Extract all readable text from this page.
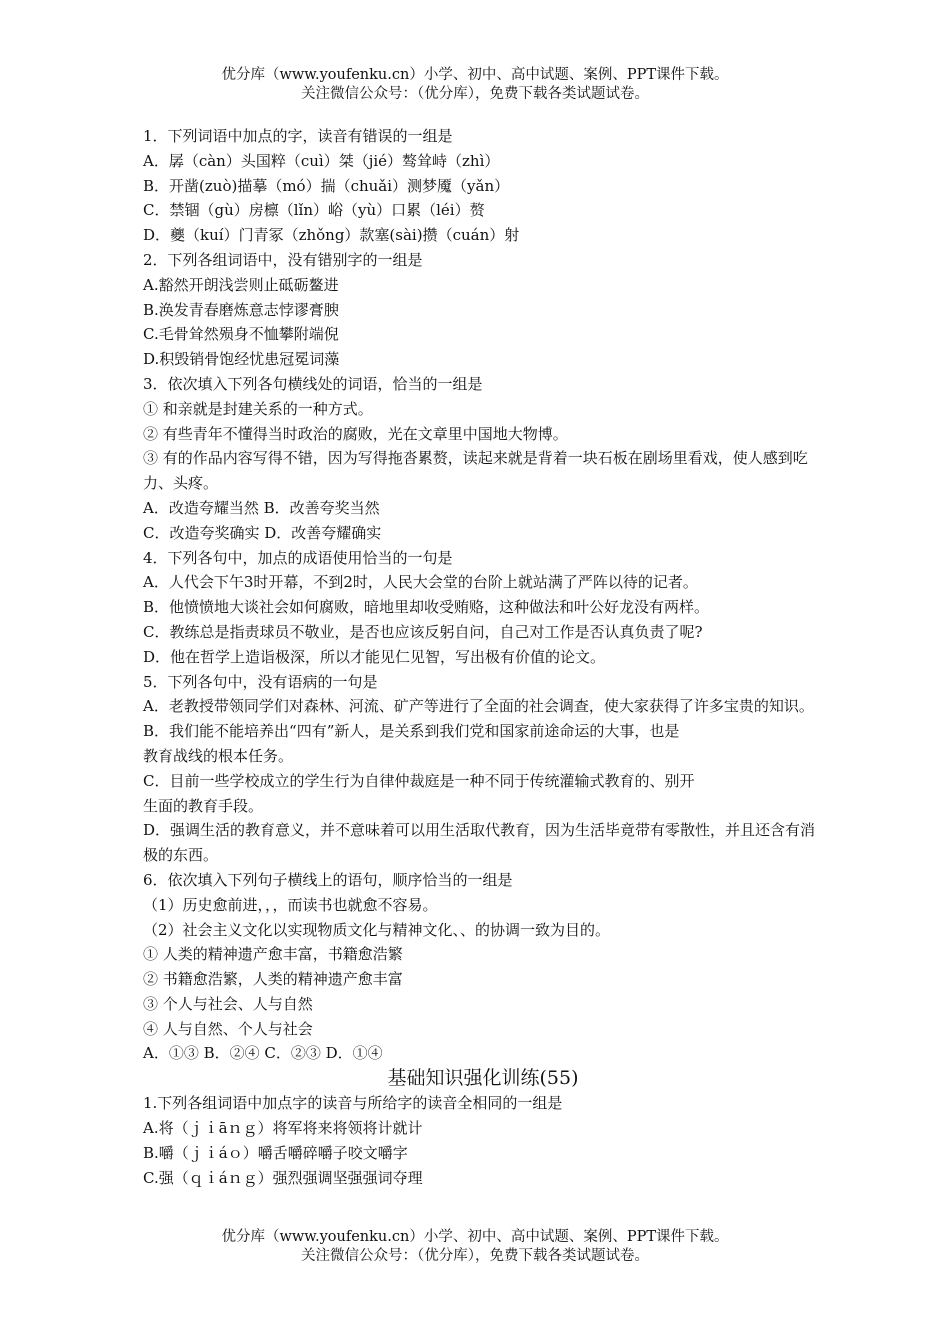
优分库（www.youfenku.cn）小学、初中、高中试题、案例、PPT课件下载。
关注微信公众号：（优分库），免费下载各类试题试卷。

1．下列词语中加点的字，读音有错误的一组是

A．孱（càn）头国粹（cuì）桀（jié）骜耸峙（zhì）

B．开凿(zuò)描摹（mó）揣（chuǎi）测梦魇（yǎn）

C．禁锢（gù）房檩（lǐn）峪（yù）口累（léi）赘

D．夔（kuí）门青冢（zhǒng）款塞(sài)攒（cuán）射

2．下列各组词语中，没有错别字的一组是

A.豁然开朗浅尝则止砥砺鳌进

B.涣发青春磨炼意志悖谬膏腴

C.毛骨耸然殒身不恤攀附端倪

D.积毁销骨饱经忧患冠冕词藻

3．依次填入下列各句横线处的词语，恰当的一组是

① 和亲就是封建关系的一种方式。

② 有些青年不懂得当时政治的腐败，光在文章里中国地大物博。

③ 有的作品内容写得不错，因为写得拖沓累赘，读起来就是背着一块石板在剧场里看戏，使人感到吃力、头疼。

A．改造夸耀当然 B．改善夸奖当然

C．改造夸奖确实 D．改善夸耀确实

4．下列各句中，加点的成语使用恰当的一句是

A．人代会下午3时开幕，不到2时，人民大会堂的台阶上就站满了严阵以待的记者。

B．他愤愤地大谈社会如何腐败，暗地里却收受贿赂，这种做法和叶公好龙没有两样。

C．教练总是指责球员不敬业，是否也应该反躬自问，自己对工作是否认真负责了呢?

D．他在哲学上造诣极深，所以才能见仁见智，写出极有价值的论文。

5．下列各句中，没有语病的一句是

A．老教授带领同学们对森林、河流、矿产等进行了全面的社会调查，使大家获得了许多宝贵的知识。

B．我们能不能培养出“四有”新人，是关系到我们党和国家前途命运的大事，也是

教育战线的根本任务。

C．目前一些学校成立的学生行为自律仲裁庭是一种不同于传统灌输式教育的、别开

生面的教育手段。

D．强调生活的教育意义，并不意味着可以用生活取代教育，因为生活毕竟带有零散性，并且还含有消极的东西。

6．依次填入下列句子横线上的语句，顺序恰当的一组是

（1）历史愈前进，，，而读书也就愈不容易。

（2）社会主义文化以实现物质文化与精神文化、、的协调一致为目的。

① 人类的精神遗产愈丰富，书籍愈浩繁

② 书籍愈浩繁，人类的精神遗产愈丰富

③ 个人与社会、人与自然

④ 人与自然、个人与社会

A．①③ B．②④ C．②③ D．①④

基础知识强化训练(55)

1.下列各组词语中加点字的读音与所给字的读音全相同的一组是

A.将（ｊｉāｎｇ）将军将来将领将计就计

B.嚼（ｊｉáｏ）嚼舌嚼碎嚼子咬文嚼字

C.强（ｑｉáｎｇ）强烈强调坚强强词夺理

优分库（www.youfenku.cn）小学、初中、高中试题、案例、PPT课件下载。
关注微信公众号：（优分库），免费下载各类试题试卷。
